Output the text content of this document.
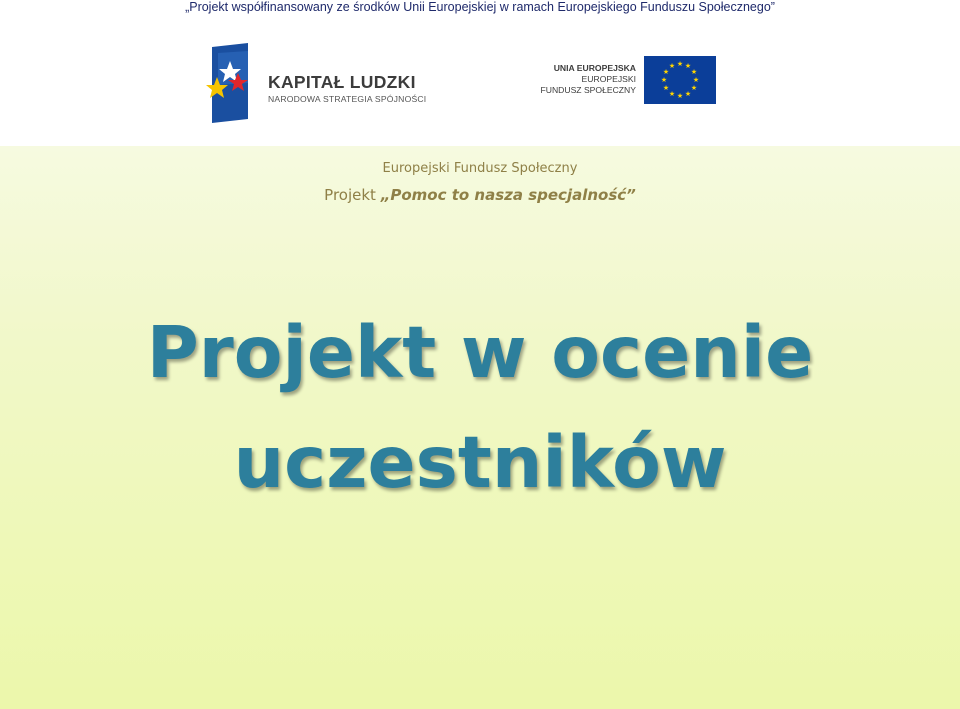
„Projekt współfinansowany ze środków Unii Europejskiej w ramach Europejskiego Funduszu Społecznego”
KAPITAŁ LUDZKI
NARODOWA STRATEGIA SPÓJNOŚCI
UNIA EUROPEJSKA
EUROPEJSKI
FUNDUSZ SPOŁECZNY
★ ★
★
★
★
★
★
★
★
★
★
★
Europejski Fundusz Społeczny
Projekt „Pomoc to nasza specjalność”
Projekt w ocenie
uczestników
